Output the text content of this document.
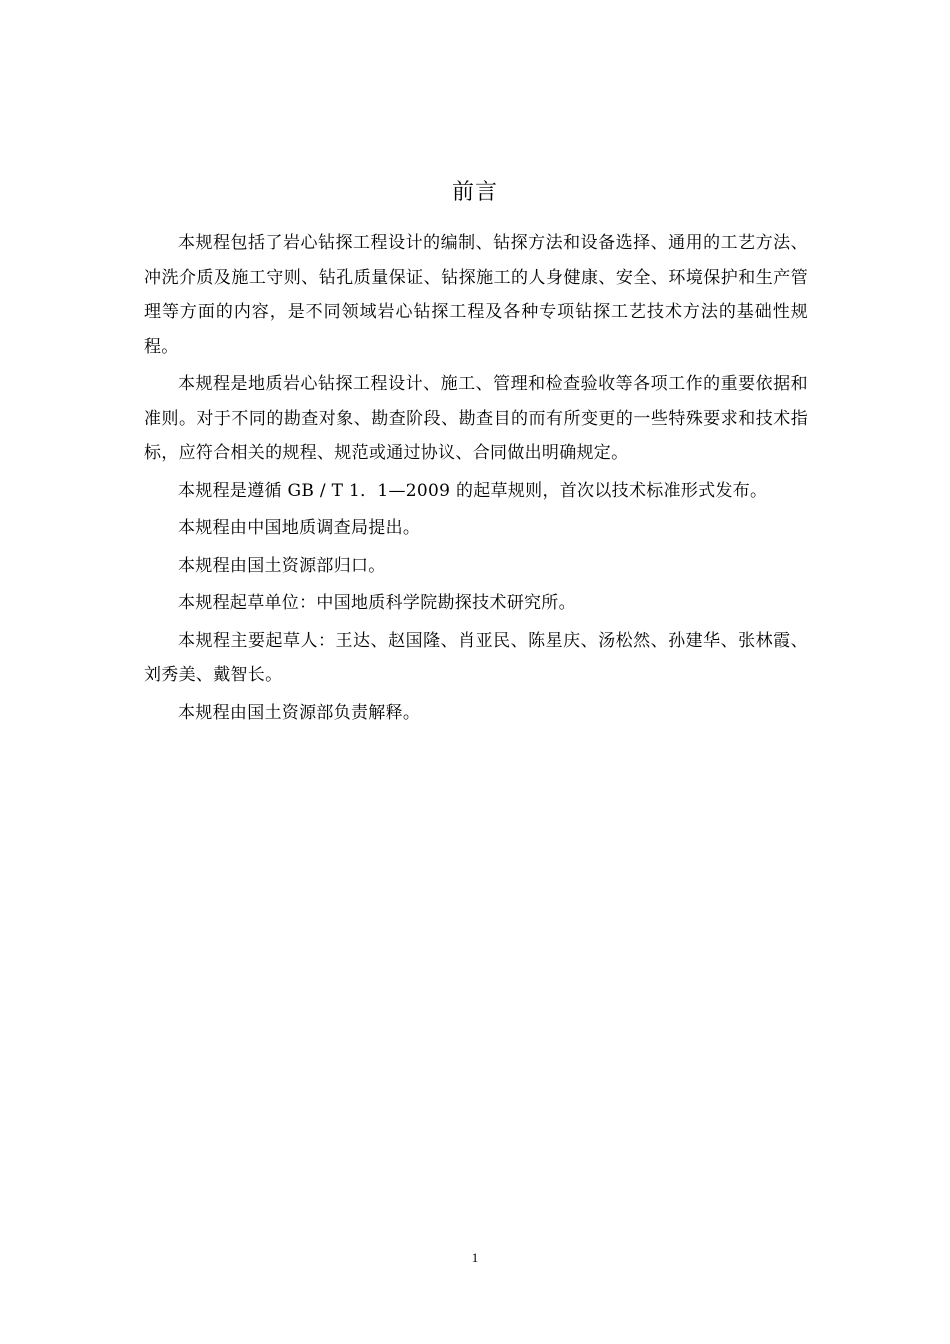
前言

本规程包括了岩心钻探工程设计的编制、钻探方法和设备选择、通用的工艺方法、冲洗介质及施工守则、钻孔质量保证、钻探施工的人身健康、安全、环境保护和生产管理等方面的内容，是不同领域岩心钻探工程及各种专项钻探工艺技术方法的基础性规程。

本规程是地质岩心钻探工程设计、施工、管理和检查验收等各项工作的重要依据和准则。对于不同的勘查对象、勘查阶段、勘查目的而有所变更的一些特殊要求和技术指标，应符合相关的规程、规范或通过协议、合同做出明确规定。

本规程是遵循 GB / T 1．1—2009 的起草规则，首次以技术标准形式发布。

本规程由中国地质调查局提出。

本规程由国土资源部归口。

本规程起草单位：中国地质科学院勘探技术研究所。

本规程主要起草人：王达、赵国隆、肖亚民、陈星庆、汤松然、孙建华、张林霞、刘秀美、戴智长。

本规程由国土资源部负责解释。

1
